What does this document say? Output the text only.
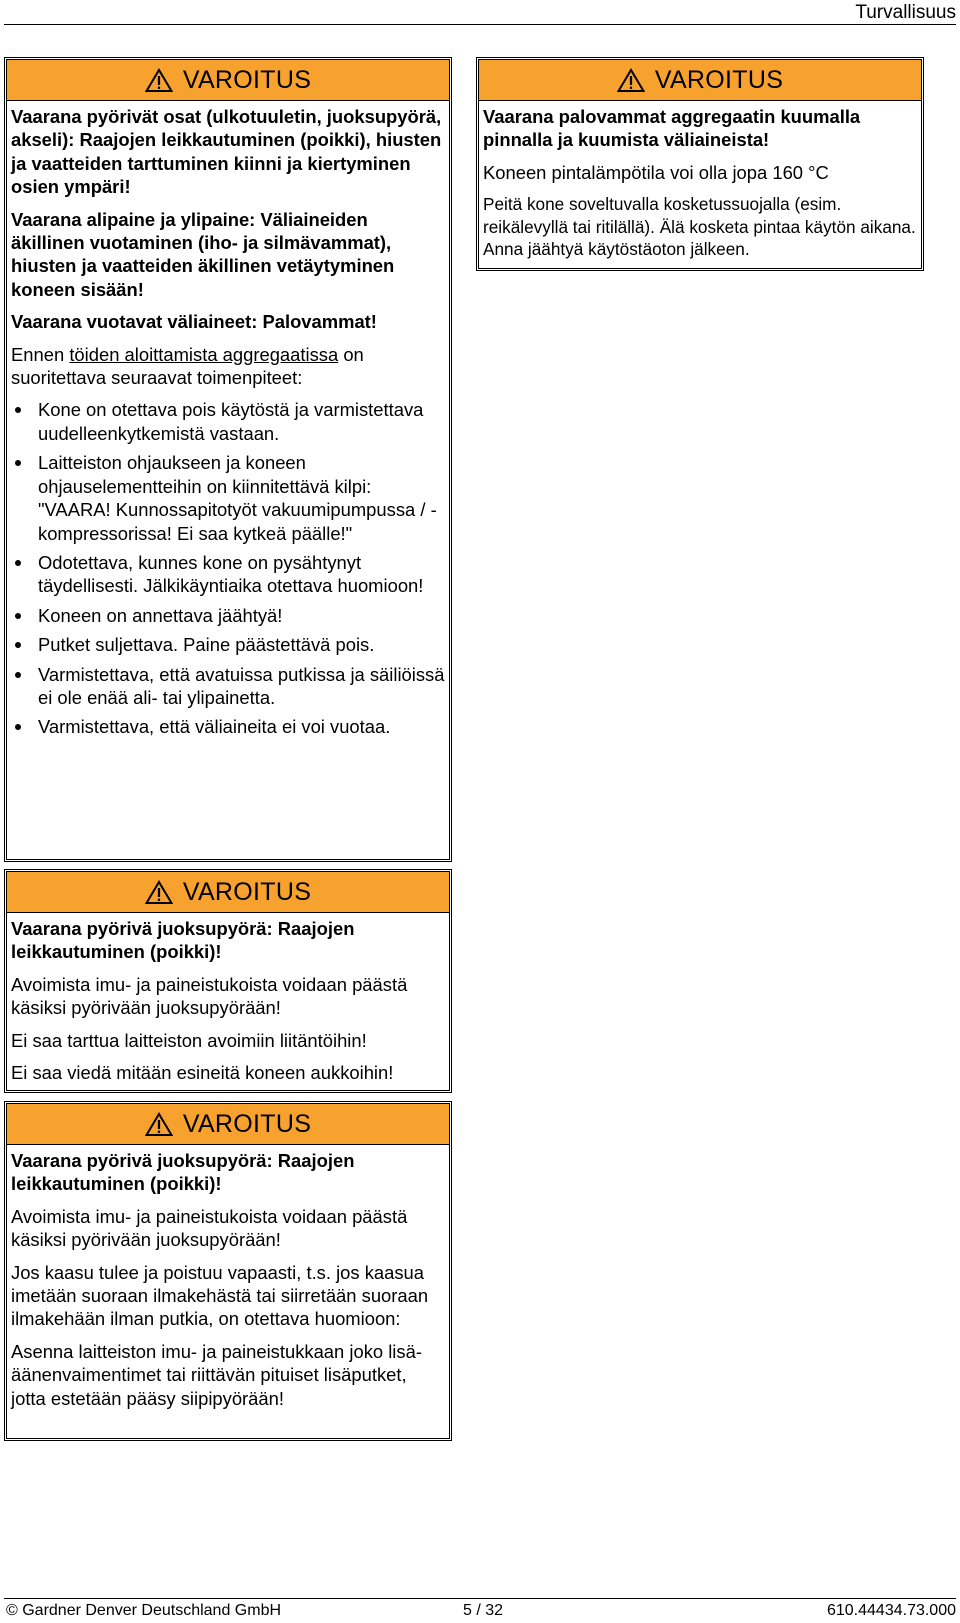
Turvallisuus
VAROITUS

Vaarana pyörivät osat (ulkotuuletin, juoksupyörä, akseli): Raajojen leikkautuminen (poikki), hiusten ja vaatteiden tarttuminen kiinni ja kiertyminen osien ympäri!

Vaarana alipaine ja ylipaine: Väliaineiden äkillinen vuotaminen (iho- ja silmävammat), hiusten ja vaatteiden äkillinen vetäytyminen koneen sisään!

Vaarana vuotavat väliaineet: Palovammat!

Ennen töiden aloittamista aggregaatissa on suoritettava seuraavat toimenpiteet:

Kone on otettava pois käytöstä ja varmistettava uudelleenkytkemistä vastaan.
Laitteiston ohjaukseen ja koneen ohjauselementteihin on kiinnitettävä kilpi: "VAARA! Kunnossapitotyöt vakuumipumpussa / -kompressorissa! Ei saa kytkeä päälle!"
Odotettava, kunnes kone on pysähtynyt täydellisesti. Jälkikäyntiaika otettava huomioon!
Koneen on annettava jäähtyä!
Putket suljettava. Paine päästettävä pois.
Varmistettava, että avatuissa putkissa ja säiliöissä ei ole enää ali- tai ylipainetta.
Varmistettava, että väliaineita ei voi vuotaa.
VAROITUS

Vaarana palovammat aggregaatin kuumalla pinnalla ja kuumista väliaineista!

Koneen pintalämpötila voi olla jopa 160 °C

Peitä kone soveltuvalla kosketussuojalla (esim. reikälevyllä tai ritilällä). Älä kosketa pintaa käytön aikana. Anna jäähtyä käytöstäoton jälkeen.

VAROITUS

Vaarana pyörivä juoksupyörä: Raajojen leikkautuminen (poikki)!

Avoimista imu- ja paineistukoista voidaan päästä käsiksi pyörivään juoksupyörään!

Ei saa tarttua laitteiston avoimiin liitäntöihin!

Ei saa viedä mitään esineitä koneen aukkoihin!

VAROITUS

Vaarana pyörivä juoksupyörä: Raajojen leikkautuminen (poikki)!

Avoimista imu- ja paineistukoista voidaan päästä käsiksi pyörivään juoksupyörään!

Jos kaasu tulee ja poistuu vapaasti, t.s. jos kaasua imetään suoraan ilmakehästä tai siirretään suoraan ilmakehään ilman putkia, on otettava huomioon:

Asenna laitteiston imu- ja paineistukkaan joko lisä-äänenvaimentimet tai riittävän pituiset lisäputket, jotta estetään pääsy siipipyörään!

© Gardner Denver Deutschland GmbH	5 / 32	610.44434.73.000
